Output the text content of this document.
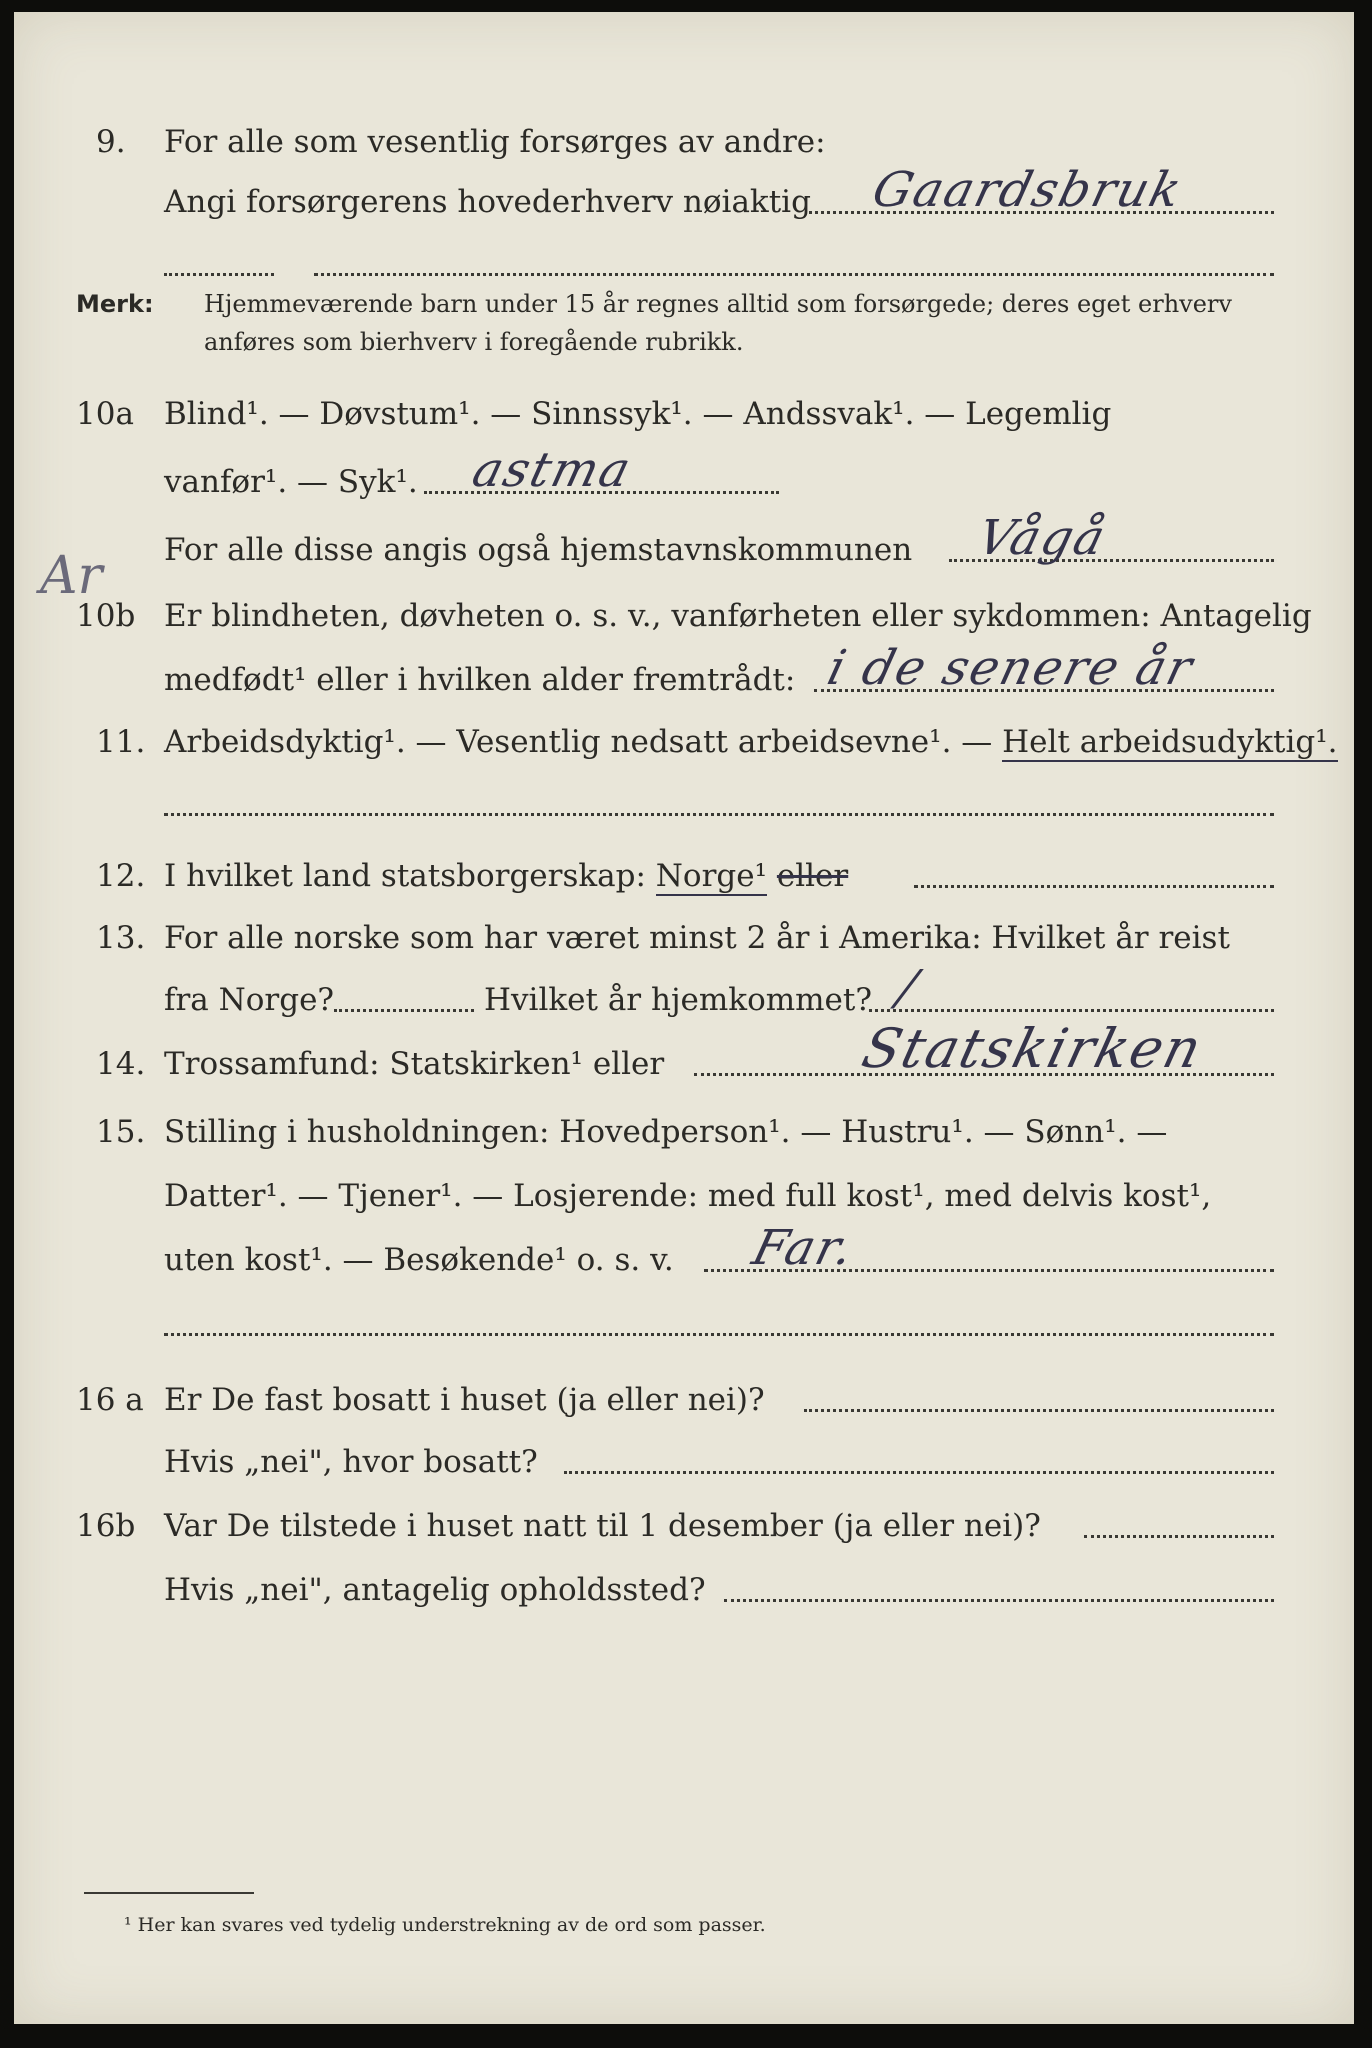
9. For alle som vesentlig forsørges av andre:
Angi forsørgerens hovederhverv nøiaktig Gaardsbruk
Merk: Hjemmeværende barn under 15 år regnes alltid som forsørgede; deres eget erhverv
anføres som bierhverv i foregående rubrikk.
10a Blind¹. — Døvstum¹. — Sinnssyk¹. — Andssvak¹. — Legemlig
vanfør¹. — Syk¹. astma
For alle disse angis også hjemstavnskommunen Vågå
Ar
10b Er blindheten, døvheten o. s. v., vanførheten eller sykdommen: Antagelig
medfødt¹ eller i hvilken alder fremtrådt: i de senere år
11. Arbeidsdyktig¹. — Vesentlig nedsatt arbeidsevne¹. — Helt arbeidsudyktig¹.
12. I hvilket land statsborgerskap: Norge¹ eller
13. For alle norske som har været minst 2 år i Amerika: Hvilket år reist
fra Norge?	Hvilket år hjemkommet? /
14. Trossamfund: Statskirken¹ eller	Statskirken
15. Stilling i husholdningen: Hovedperson¹. — Hustru¹. — Sønn¹. —
Datter¹. — Tjener¹. — Losjerende: med full kost¹, med delvis kost¹,
uten kost¹. — Besøkende¹ o. s. v. Far.
16 a Er De fast bosatt i huset (ja eller nei)?
Hvis „nei", hvor bosatt?
16b Var De tilstede i huset natt til 1 desember (ja eller nei)?
Hvis „nei", antagelig opholdssted?
¹ Her kan svares ved tydelig understrekning av de ord som passer.
